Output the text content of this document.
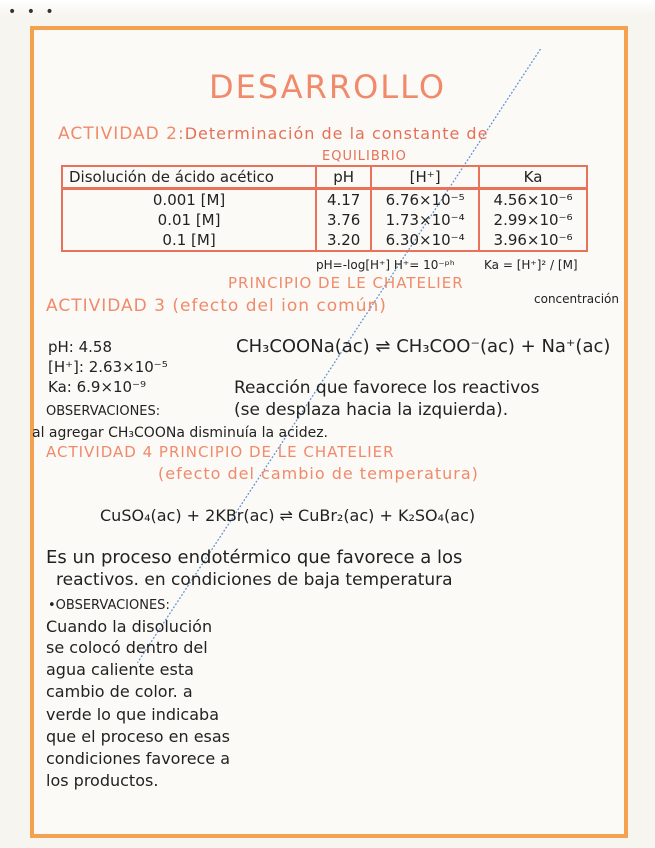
• • •
DESARROLLO
ACTIVIDAD 2:Determinación de la constante de
EQUILIBRIO
Disolución de ácido acético	pH	[H⁺]	Ka
0.001 [M]	4.17	6.76×10⁻⁵	4.56×10⁻⁶
0.01 [M]	3.76	1.73×10⁻⁴	2.99×10⁻⁶
0.1 [M]	3.20	6.30×10⁻⁴	3.96×10⁻⁶
pH=-log[H⁺] H⁺= 10⁻ᵖʰ Ka = [H⁺]² / [M]
concentración
PRINCIPIO DE LE CHATELIER
ACTIVIDAD 3 (efecto del ion común)
pH: 4.58
[H⁺]: 2.63×10⁻⁵
Ka: 6.9×10⁻⁹
CH₃COONa(ac) ⇌ CH₃COO⁻(ac) + Na⁺(ac)
Reacción que favorece los reactivos
(se desplaza hacia la izquierda).
OBSERVACIONES:
al agregar CH₃COONa disminuía la acidez.
ACTIVIDAD 4 PRINCIPIO DE LE CHATELIER
(efecto del cambio de temperatura)
CuSO₄(ac) + 2KBr(ac) ⇌ CuBr₂(ac) + K₂SO₄(ac)
Es un proceso endotérmico que favorece a los
reactivos. en condiciones de baja temperatura
•OBSERVACIONES:
Cuando la disolución
se colocó dentro del
agua caliente esta
cambio de color. a
verde lo que indicaba
que el proceso en esas
condiciones favorece a
los productos.
